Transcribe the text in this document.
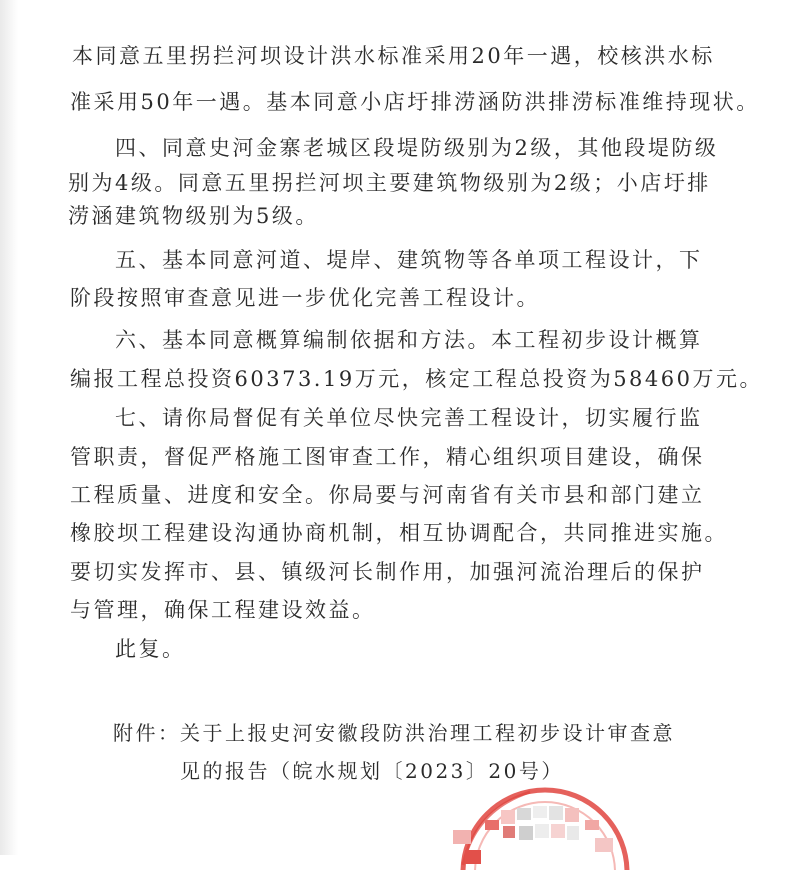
本同意五里拐拦河坝设计洪水标准采用20年一遇，校核洪水标

准采用50年一遇。基本同意小店圩排涝涵防洪排涝标准维持现状。

四、同意史河金寨老城区段堤防级别为2级，其他段堤防级

别为4级。同意五里拐拦河坝主要建筑物级别为2级；小店圩排

涝涵建筑物级别为5级。

五、基本同意河道、堤岸、建筑物等各单项工程设计，下

阶段按照审查意见进一步优化完善工程设计。

六、基本同意概算编制依据和方法。本工程初步设计概算

编报工程总投资60373.19万元，核定工程总投资为58460万元。

七、请你局督促有关单位尽快完善工程设计，切实履行监

管职责，督促严格施工图审查工作，精心组织项目建设，确保

工程质量、进度和安全。你局要与河南省有关市县和部门建立

橡胶坝工程建设沟通协商机制，相互协调配合，共同推进实施。

要切实发挥市、县、镇级河长制作用，加强河流治理后的保护

与管理，确保工程建设效益。

此复。

附件： 关于上报史河安徽段防洪治理工程初步设计审查意

见的报告（皖水规划〔2023〕20号）
